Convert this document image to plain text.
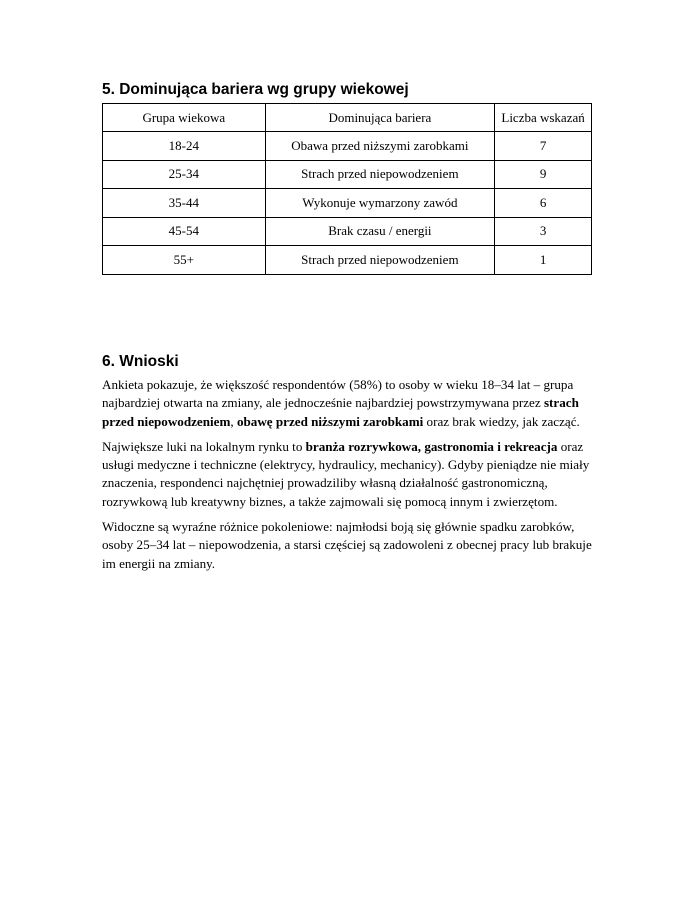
5. Dominująca bariera wg grupy wiekowej
Grupa wiekowa	Dominująca bariera	Liczba wskazań
18-24	Obawa przed niższymi zarobkami	7
25-34	Strach przed niepowodzeniem	9
35-44	Wykonuje wymarzony zawód	6
45-54	Brak czasu / energii	3
55+	Strach przed niepowodzeniem	1
6. Wnioski

Ankieta pokazuje, że większość respondentów (58%) to osoby w wieku 18–34 lat – grupa najbardziej otwarta na zmiany, ale jednocześnie najbardziej powstrzymywana przez strach przed niepowodzeniem, obawę przed niższymi zarobkami oraz brak wiedzy, jak zacząć.

Największe luki na lokalnym rynku to branża rozrywkowa, gastronomia i rekreacja oraz usługi medyczne i techniczne (elektrycy, hydraulicy, mechanicy). Gdyby pieniądze nie miały znaczenia, respondenci najchętniej prowadziliby własną działalność gastronomiczną, rozrywkową lub kreatywny biznes, a także zajmowali się pomocą innym i zwierzętom.

Widoczne są wyraźne różnice pokoleniowe: najmłodsi boją się głównie spadku zarobków, osoby 25–34 lat – niepowodzenia, a starsi częściej są zadowoleni z obecnej pracy lub brakuje im energii na zmiany.
